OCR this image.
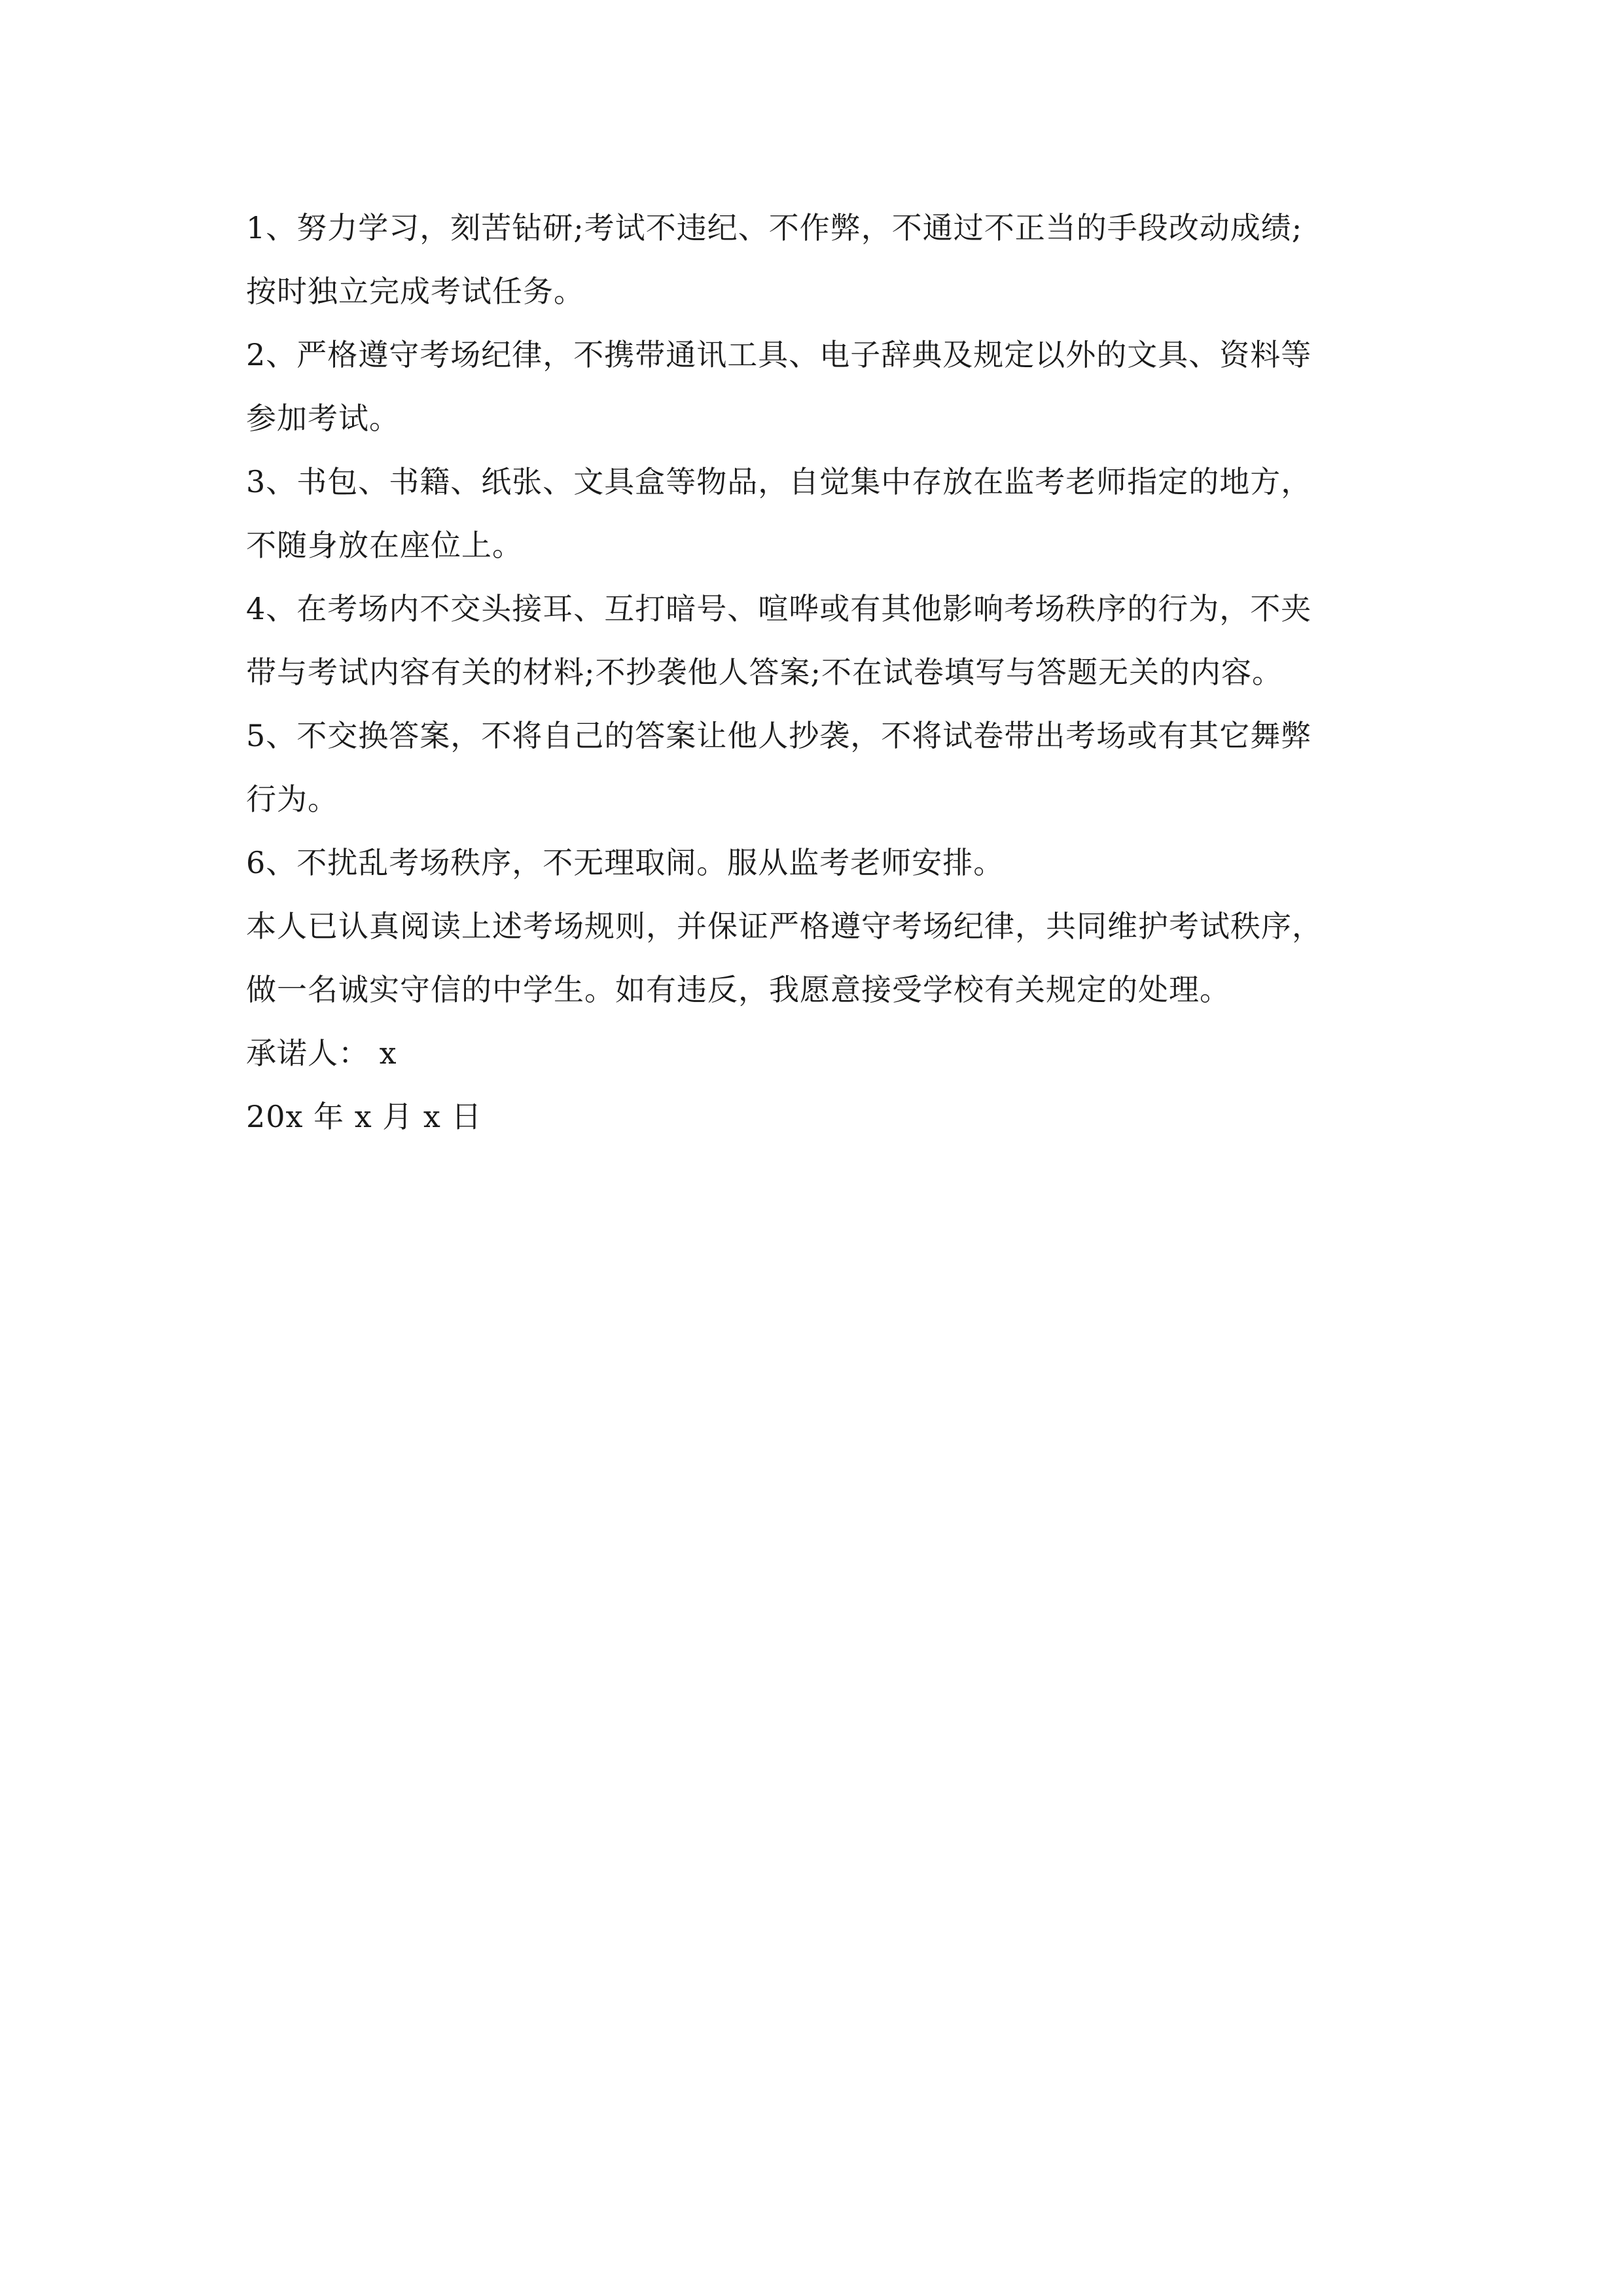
1、努力学习，刻苦钻研;考试不违纪、不作弊，不通过不正当的手段改动成绩;
按时独立完成考试任务。
2、严格遵守考场纪律，不携带通讯工具、电子辞典及规定以外的文具、资料等
参加考试。
3、书包、书籍、纸张、文具盒等物品，自觉集中存放在监考老师指定的地方，
不随身放在座位上。
4、在考场内不交头接耳、互打暗号、喧哗或有其他影响考场秩序的行为，不夹
带与考试内容有关的材料;不抄袭他人答案;不在试卷填写与答题无关的内容。
5、不交换答案，不将自己的答案让他人抄袭，不将试卷带出考场或有其它舞弊
行为。
6、不扰乱考场秩序，不无理取闹。服从监考老师安排。
本人已认真阅读上述考场规则，并保证严格遵守考场纪律，共同维护考试秩序，
做一名诚实守信的中学生。如有违反，我愿意接受学校有关规定的处理。
承诺人： x
20x 年 x 月 x 日
